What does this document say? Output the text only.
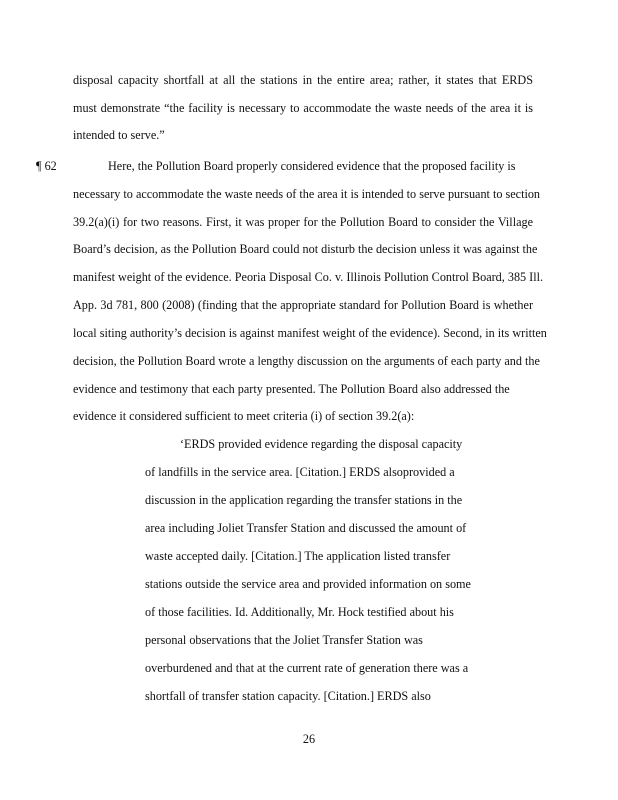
disposal capacity shortfall at all the stations in the entire area; rather, it states that ERDS
must demonstrate “the facility is necessary to accommodate the waste needs of the area it is
intended to serve.”
¶ 62	Here, the Pollution Board properly considered evidence that the proposed facility is
necessary to accommodate the waste needs of the area it is intended to serve pursuant to section
39.2(a)(i) for two reasons. First, it was proper for the Pollution Board to consider the Village
Board’s decision, as the Pollution Board could not disturb the decision unless it was against the
manifest weight of the evidence. Peoria Disposal Co. v. Illinois Pollution Control Board, 385 Ill.
App. 3d 781, 800 (2008) (finding that the appropriate standard for Pollution Board is whether
local siting authority’s decision is against manifest weight of the evidence). Second, in its written
decision, the Pollution Board wrote a lengthy discussion on the arguments of each party and the
evidence and testimony that each party presented. The Pollution Board also addressed the
evidence it considered sufficient to meet criteria (i) of section 39.2(a):
‘ERDS provided evidence regarding the disposal capacity
of landfills in the service area. [Citation.] ERDS alsoprovided a
discussion in the application regarding the transfer stations in the
area including Joliet Transfer Station and discussed the amount of
waste accepted daily. [Citation.] The application listed transfer
stations outside the service area and provided information on some
of those facilities. Id. Additionally, Mr. Hock testified about his
personal observations that the Joliet Transfer Station was
overburdened and that at the current rate of generation there was a
shortfall of transfer station capacity. [Citation.] ERDS also
26
